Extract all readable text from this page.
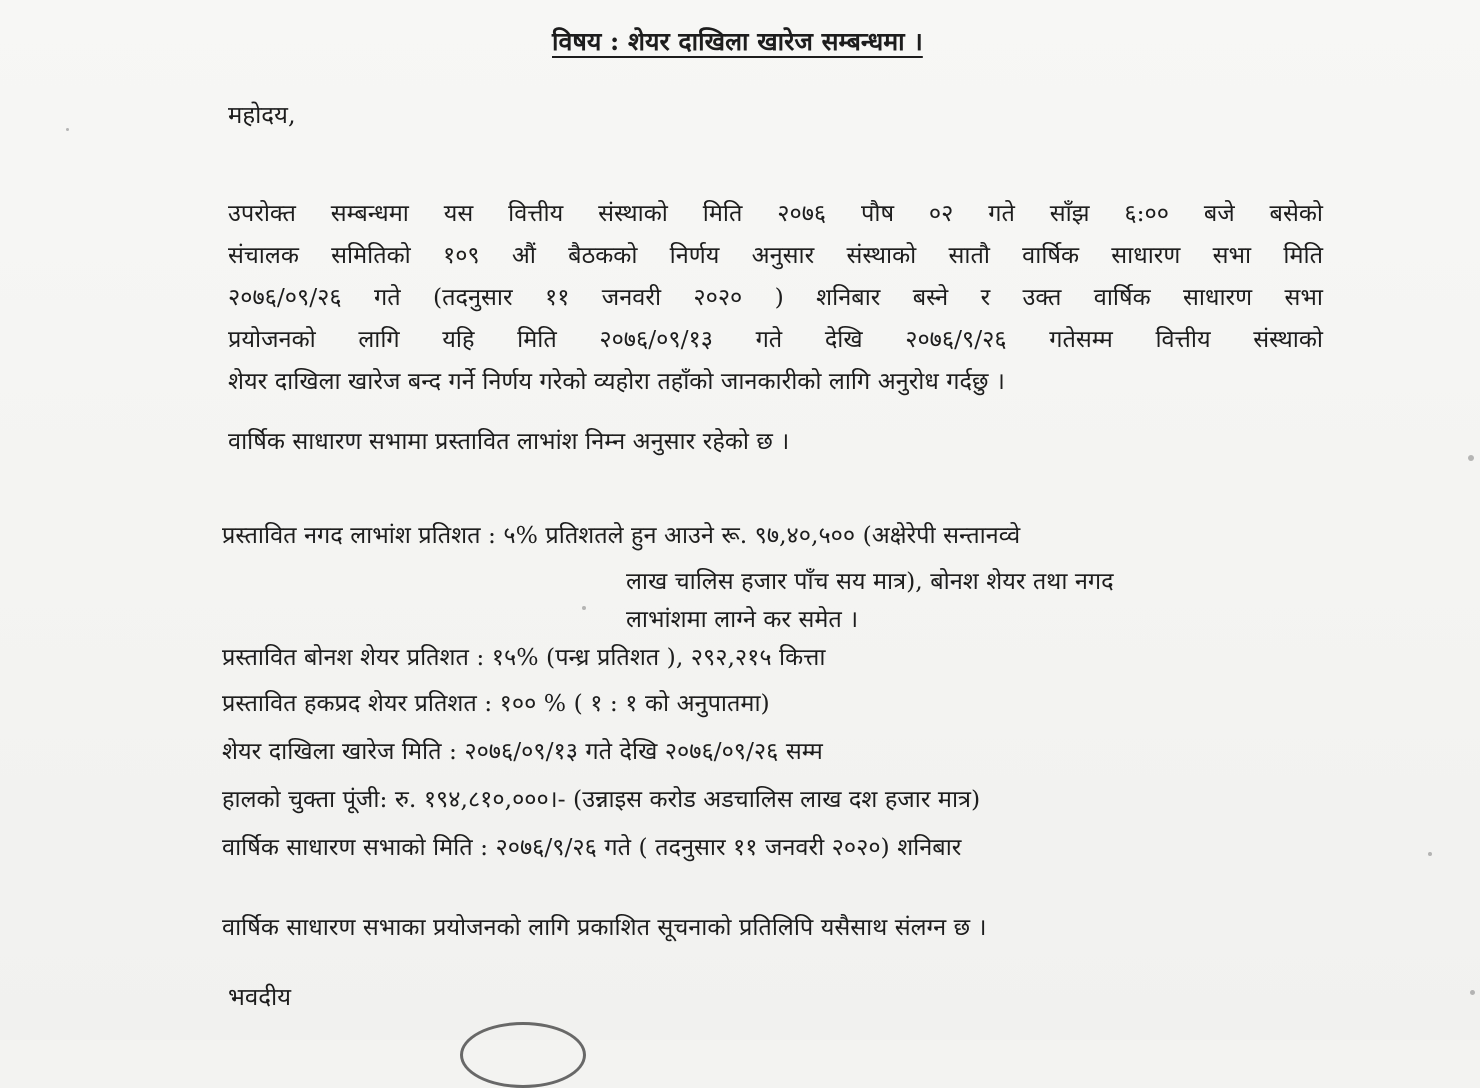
विषय : शेयर दाखिला खारेज सम्बन्धमा ।
महोदय,
उपरोक्त सम्बन्धमा यस वित्तीय संस्थाको मिति २०७६ पौष ०२ गते साँझ ६:०० बजे बसेको
संचालक समितिको १०९ औं बैठकको निर्णय अनुसार संस्थाको सातौ वार्षिक साधारण सभा मिति
२०७६/०९/२६ गते (तदनुसार ११ जनवरी २०२० ) शनिबार बस्ने र उक्त वार्षिक साधारण सभा
प्रयोजनको लागि यहि मिति २०७६/०९/१३ गते देखि २०७६/९/२६ गतेसम्म वित्तीय संस्थाको
शेयर दाखिला खारेज बन्द गर्ने निर्णय गरेको व्यहोरा तहाँको जानकारीको लागि अनुरोध गर्दछु ।
वार्षिक साधारण सभामा प्रस्तावित लाभांश निम्न अनुसार रहेको छ ।
प्रस्तावित नगद लाभांश प्रतिशत : ५% प्रतिशतले हुन आउने रू. ९७,४०,५०० (अक्षेरेपी सन्तानव्वे
लाख चालिस हजार पाँच सय मात्र), बोनश शेयर तथा नगद
लाभांशमा लाग्ने कर समेत ।
प्रस्तावित बोनश शेयर प्रतिशत : १५% (पन्ध्र प्रतिशत ), २९२,२१५ कित्ता
प्रस्तावित हकप्रद शेयर प्रतिशत : १०० % ( १ : १ को अनुपातमा)
शेयर दाखिला खारेज मिति : २०७६/०९/१३ गते देखि २०७६/०९/२६ सम्म
हालको चुक्ता पूंजी: रु. १९४,८१०,०००।- (उन्नाइस करोड अडचालिस लाख दश हजार मात्र)
वार्षिक साधारण सभाको मिति : २०७६/९/२६ गते ( तदनुसार ११ जनवरी २०२०) शनिबार
वार्षिक साधारण सभाका प्रयोजनको लागि प्रकाशित सूचनाको प्रतिलिपि यसैसाथ संलग्न छ ।
भवदीय
